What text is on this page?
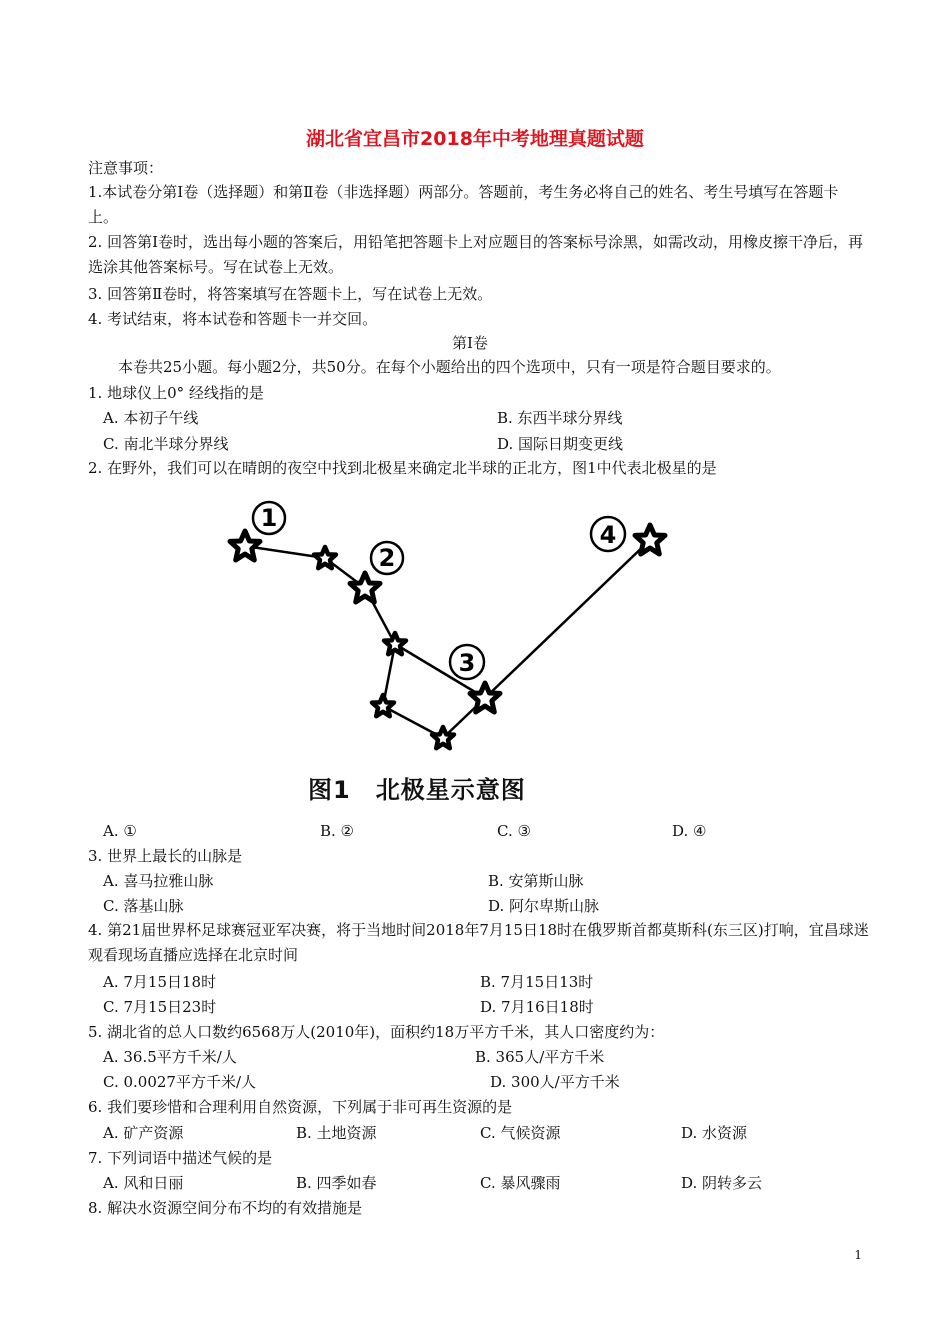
湖北省宜昌市2018年中考地理真题试题
注意事项：
1.本试卷分第Ⅰ卷（选择题）和第Ⅱ卷（非选择题）两部分。答题前，考生务必将自己的姓名、考生号填写在答题卡上。
2. 回答第Ⅰ卷时，选出每小题的答案后，用铅笔把答题卡上对应题目的答案标号涂黑，如需改动，用橡皮擦干净后，再选涂其他答案标号。写在试卷上无效。
3. 回答第Ⅱ卷时，将答案填写在答题卡上，写在试卷上无效。
4. 考试结束，将本试卷和答题卡一并交回。
第Ⅰ卷
本卷共25小题。每小题2分，共50分。在每个小题给出的四个选项中，只有一项是符合题目要求的。
1. 地球仪上0° 经线指的是
A. 本初子午线	B. 东西半球分界线
C. 南北半球分界线	D. 国际日期变更线
2. 在野外，我们可以在晴朗的夜空中找到北极星来确定北半球的正北方，图1中代表北极星的是
1
2
3
4
图1　北极星示意图
A. ①	B. ②	C. ③	D. ④
3. 世界上最长的山脉是
A. 喜马拉雅山脉	B. 安第斯山脉
C. 落基山脉	D. 阿尔卑斯山脉
4. 第21届世界杯足球赛冠亚军决赛，将于当地时间2018年7月15日18时在俄罗斯首都莫斯科(东三区)打响，宜昌球迷观看现场直播应选择在北京时间
A. 7月15日18时	B. 7月15日13时
C. 7月15日23时	D. 7月16日18时
5. 湖北省的总人口数约6568万人(2010年)，面积约18万平方千米，其人口密度约为：
A. 36.5平方千米/人	B. 365人/平方千米
C. 0.0027平方千米/人	D. 300人/平方千米
6. 我们要珍惜和合理利用自然资源，下列属于非可再生资源的是
A. 矿产资源	B. 土地资源	C. 气候资源	D. 水资源
7. 下列词语中描述气候的是
A. 风和日丽	B. 四季如春	C. 暴风骤雨	D. 阴转多云
8. 解决水资源空间分布不均的有效措施是
1
